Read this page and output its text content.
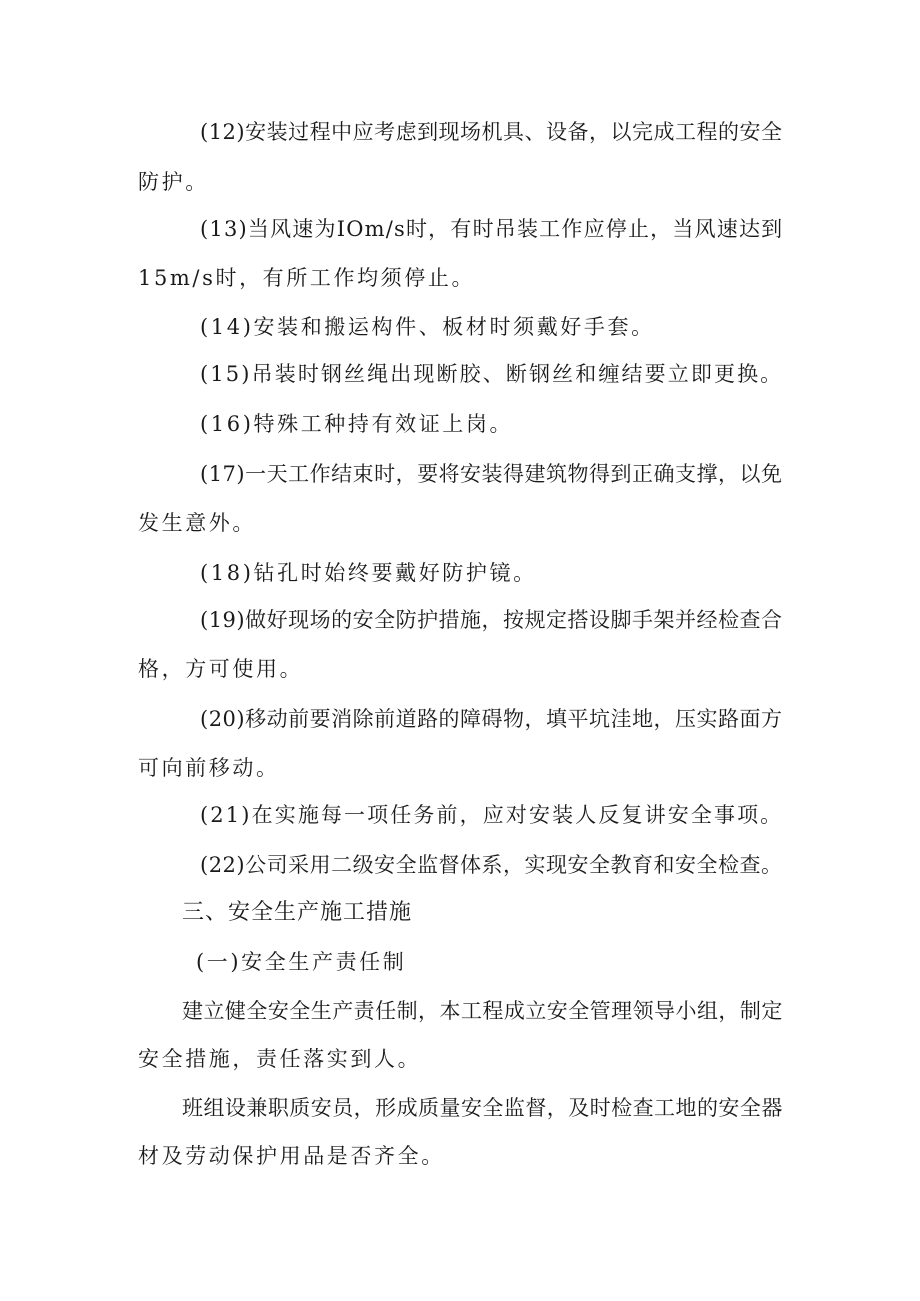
(12)安装过程中应考虑到现场机具、设备，以完成工程的安全
防护。
(13)当风速为IOm/s时，有时吊装工作应停止，当风速达到
15m/s时，有所工作均须停止。
(14)安装和搬运构件、板材时须戴好手套。
(15)吊装时钢丝绳出现断胶、断钢丝和缠结要立即更换。
(16)特殊工种持有效证上岗。
(17)一天工作结束时，要将安装得建筑物得到正确支撑，以免
发生意外。
(18)钻孔时始终要戴好防护镜。
(19)做好现场的安全防护措施，按规定搭设脚手架并经检查合
格，方可使用。
(20)移动前要消除前道路的障碍物，填平坑洼地，压实路面方
可向前移动。
(21)在实施每一项任务前，应对安装人反复讲安全事项。
(22)公司采用二级安全监督体系，实现安全教育和安全检查。
三、安全生产施工措施
(一)安全生产责任制
建立健全安全生产责任制，本工程成立安全管理领导小组，制定
安全措施，责任落实到人。
班组设兼职质安员，形成质量安全监督，及时检查工地的安全器
材及劳动保护用品是否齐全。
